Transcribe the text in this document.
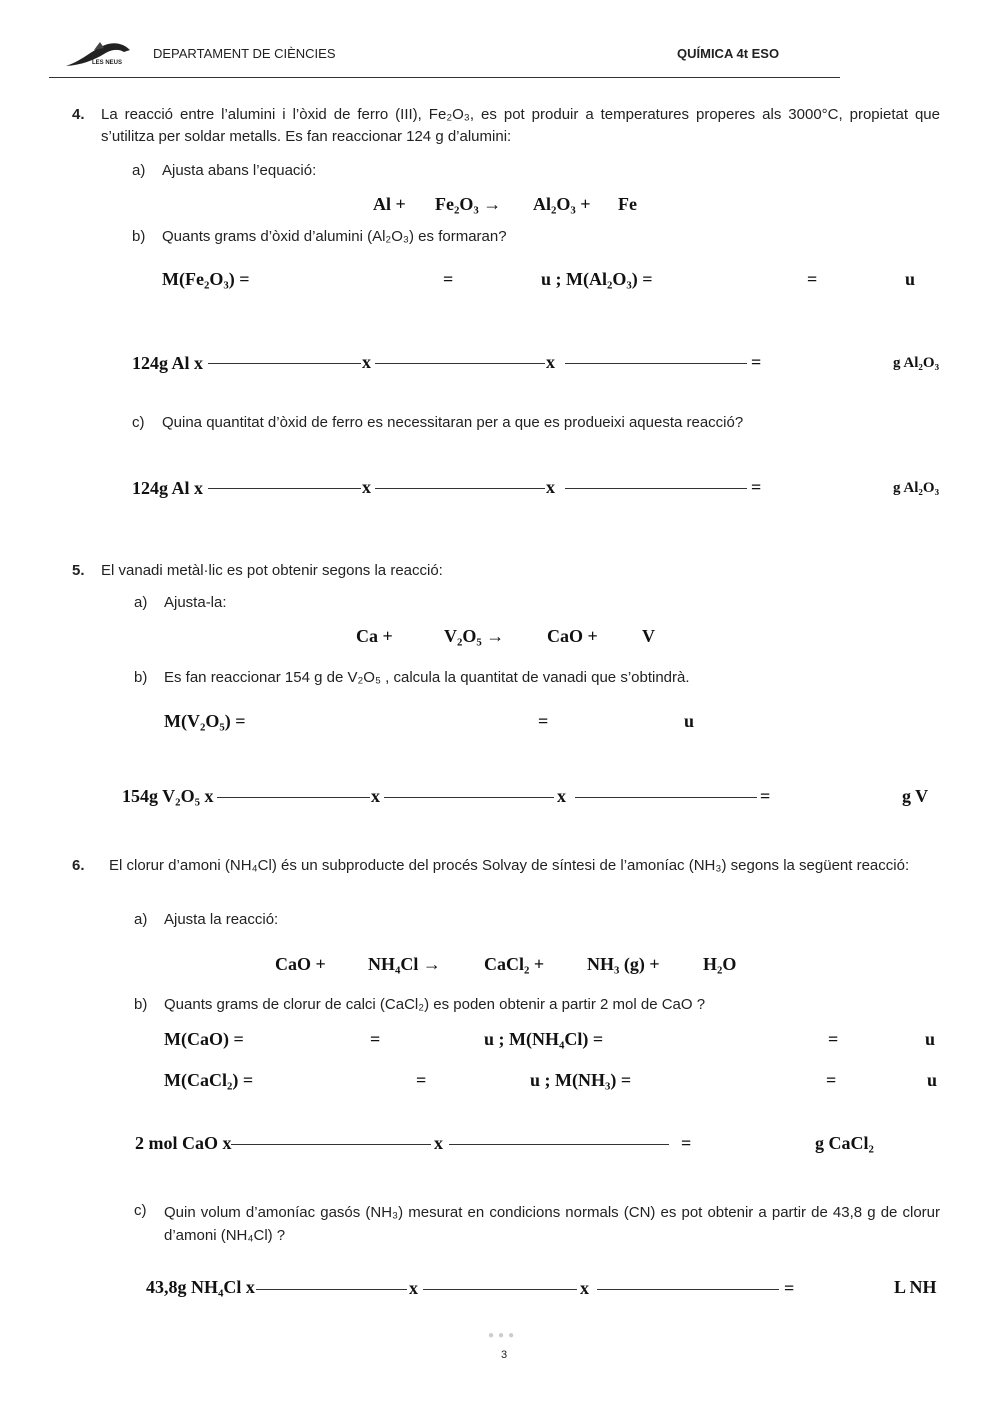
LES NEUS
DEPARTAMENT DE CIÈNCIES	QUÍMICA 4t ESO
4. La reacció entre l’alumini i l’òxid de ferro (III), Fe₂O₃, es pot produir a temperatures properes als 3000°C, propietat que s’utilitza per soldar metalls. Es fan reaccionar 124 g d’alumini:
a) Ajusta abans l’equació:
Al + Fe₂O₃ → Al₂O₃ + Fe
b) Quants grams d’òxid d’alumini (Al₂O₃) es formaran?
M(Fe₂O₃) =	=	u ; M(Al₂O₃) =	=	u
124g Al x	x	x	=	g Al₂O₃
c) Quina quantitat d’òxid de ferro es necessitaran per a que es produeixi aquesta reacció?
124g Al x	x	x	=	g Al₂O₃
5. El vanadi metàl·lic es pot obtenir segons la reacció:
a) Ajusta-la:
Ca +	V₂O₅ → CaO + V
b) Es fan reaccionar 154 g de V₂O₅ , calcula la quantitat de vanadi que s’obtindrà.
M(V₂O₅) =	=	u
154g V₂O₅ x	x	x	=	g V
6. El clorur d’amoni (NH₄Cl) és un subproducte del procés Solvay de síntesi de l’amoníac (NH₃) segons la següent reacció:
a) Ajusta la reacció:
CaO + NH₄Cl → CaCl₂ + NH₃ (g) + H₂O
b) Quants grams de clorur de calci (CaCl₂) es poden obtenir a partir 2 mol de CaO ?
M(CaO) =	=	u ; M(NH₄Cl) =	=	u
M(CaCl₂) =	=	u ; M(NH₃) =	=	u
2 mol CaO x	x	=	g CaCl₂
c) Quin volum d’amoníac gasós (NH₃) mesurat en condicions normals (CN) es pot obtenir a partir de 43,8 g de clorur d’amoni (NH₄Cl) ?
43,8g NH₄Cl x	x	x	=	L NH
●●●
3
